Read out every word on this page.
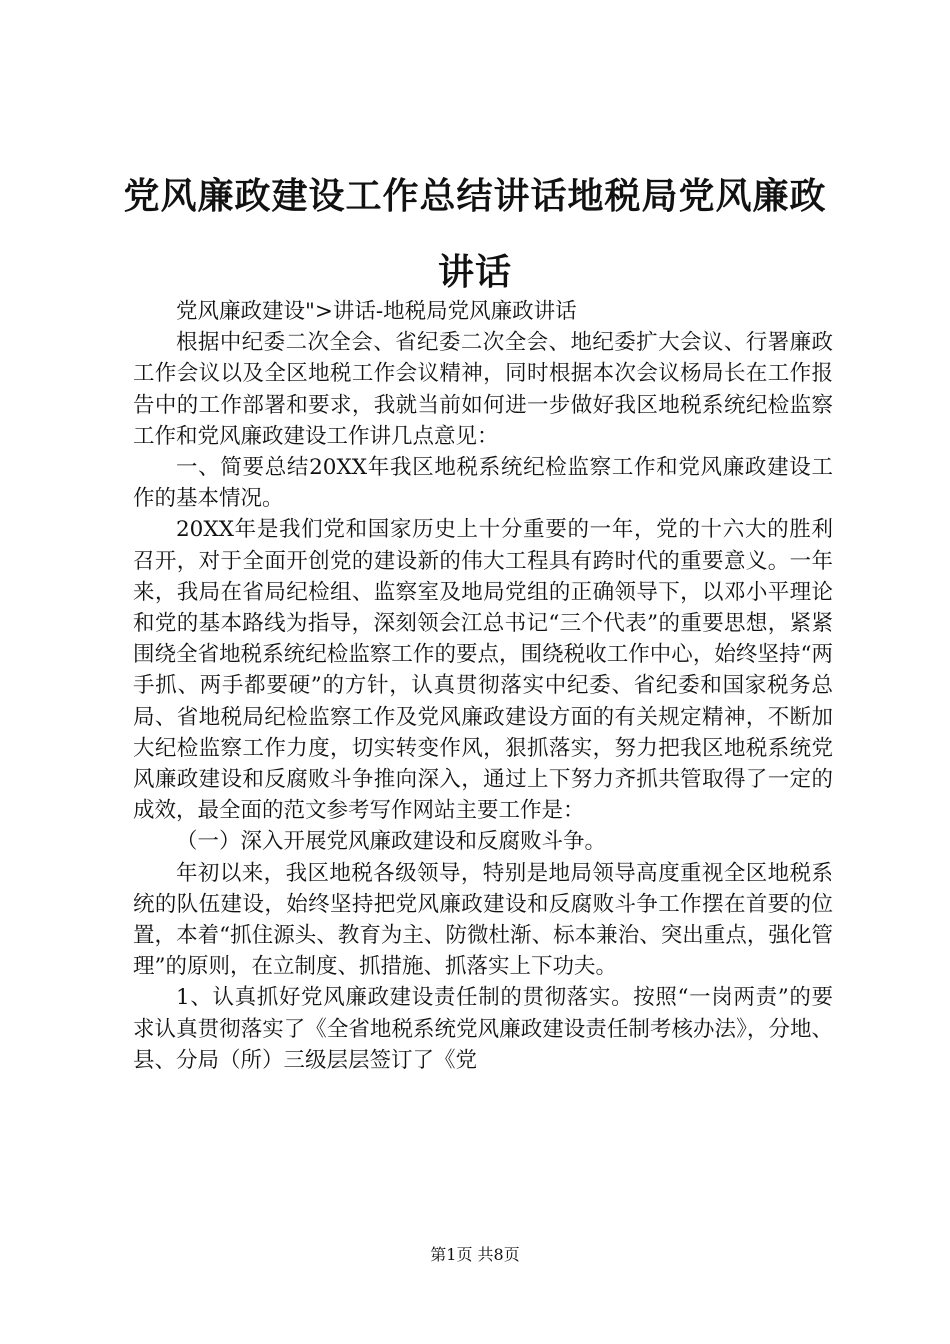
党风廉政建设工作总结讲话地税局党风廉政讲话

党风廉政建设">讲话-地税局党风廉政讲话

根据中纪委二次全会、省纪委二次全会、地纪委扩大会议、行署廉政工作会议以及全区地税工作会议精神，同时根据本次会议杨局长在工作报告中的工作部署和要求，我就当前如何进一步做好我区地税系统纪检监察工作和党风廉政建设工作讲几点意见：

一、简要总结20XX年我区地税系统纪检监察工作和党风廉政建设工作的基本情况。

20XX年是我们党和国家历史上十分重要的一年，党的十六大的胜利召开，对于全面开创党的建设新的伟大工程具有跨时代的重要意义。一年来，我局在省局纪检组、监察室及地局党组的正确领导下，以邓小平理论和党的基本路线为指导，深刻领会江总书记“三个代表”的重要思想，紧紧围绕全省地税系统纪检监察工作的要点，围绕税收工作中心，始终坚持“两手抓、两手都要硬”的方针，认真贯彻落实中纪委、省纪委和国家税务总局、省地税局纪检监察工作及党风廉政建设方面的有关规定精神，不断加大纪检监察工作力度，切实转变作风，狠抓落实，努力把我区地税系统党风廉政建设和反腐败斗争推向深入，通过上下努力齐抓共管取得了一定的成效，最全面的范文参考写作网站主要工作是：

（一）深入开展党风廉政建设和反腐败斗争。

年初以来，我区地税各级领导，特别是地局领导高度重视全区地税系统的队伍建设，始终坚持把党风廉政建设和反腐败斗争工作摆在首要的位置，本着“抓住源头、教育为主、防微杜渐、标本兼治、突出重点，强化管理”的原则，在立制度、抓措施、抓落实上下功夫。

1、认真抓好党风廉政建设责任制的贯彻落实。按照“一岗两责”的要求认真贯彻落实了《全省地税系统党风廉政建设责任制考核办法》，分地、县、分局（所）三级层层签订了《党

第1页 共8页
